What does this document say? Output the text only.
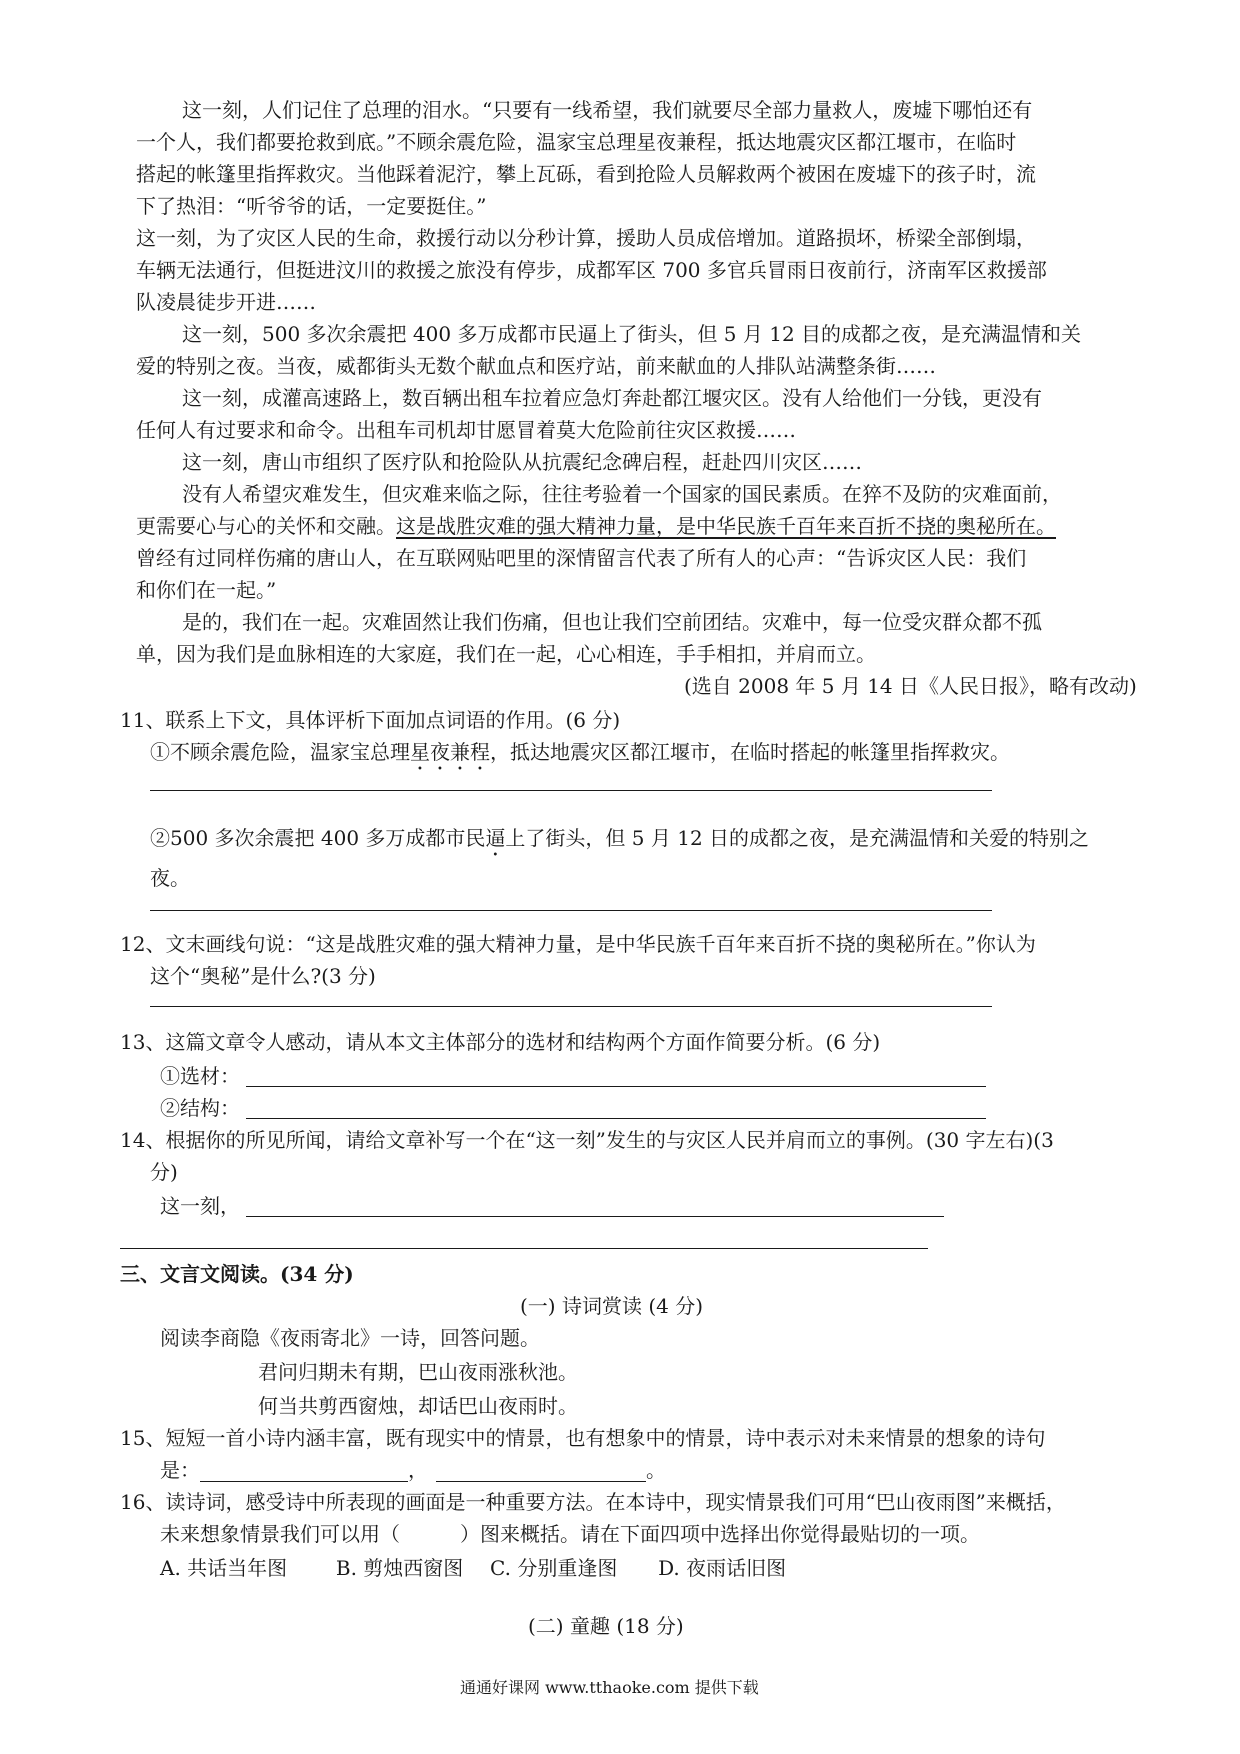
这一刻，人们记住了总理的泪水。“只要有一线希望，我们就要尽全部力量救人，废墟下哪怕还有
一个人，我们都要抢救到底。”不顾余震危险，温家宝总理星夜兼程，抵达地震灾区都江堰市，在临时
搭起的帐篷里指挥救灾。当他踩着泥泞，攀上瓦砾，看到抢险人员解救两个被困在废墟下的孩子时，流
下了热泪：“听爷爷的话，一定要挺住。”
这一刻，为了灾区人民的生命，救援行动以分秒计算，援助人员成倍增加。道路损坏，桥梁全部倒塌，
车辆无法通行，但挺进汶川的救援之旅没有停步，成都军区 700 多官兵冒雨日夜前行，济南军区救援部
队凌晨徒步开进……
这一刻，500 多次余震把 400 多万成都市民逼上了街头，但 5 月 12 目的成都之夜，是充满温情和关
爱的特别之夜。当夜，威都街头无数个献血点和医疗站，前来献血的人排队站满整条街……
这一刻，成灌高速路上，数百辆出租车拉着应急灯奔赴都江堰灾区。没有人给他们一分钱，更没有
任何人有过要求和命令。出租车司机却甘愿冒着莫大危险前往灾区救援……
这一刻，唐山市组织了医疗队和抢险队从抗震纪念碑启程，赶赴四川灾区……
没有人希望灾难发生，但灾难来临之际，往往考验着一个国家的国民素质。在猝不及防的灾难面前，
更需要心与心的关怀和交融。这是战胜灾难的强大精神力量，是中华民族千百年来百折不挠的奥秘所在。
曾经有过同样伤痛的唐山人，在互联网贴吧里的深情留言代表了所有人的心声：“告诉灾区人民：我们
和你们在一起。”
是的，我们在一起。灾难固然让我们伤痛，但也让我们空前团结。灾难中，每一位受灾群众都不孤
单，因为我们是血脉相连的大家庭，我们在一起，心心相连，手手相扣，并肩而立。
(选自 2008 年 5 月 14 日《人民日报》，略有改动)
11、联系上下文，具体评析下面加点词语的作用。(6 分)
①不顾余震危险，温家宝总理星夜兼程，抵达地震灾区都江堰市，在临时搭起的帐篷里指挥救灾。
②500 多次余震把 400 多万成都市民逼上了街头，但 5 月 12 日的成都之夜，是充满温情和关爱的特别之
夜。
12、文末画线句说：“这是战胜灾难的强大精神力量，是中华民族千百年来百折不挠的奥秘所在。”你认为
这个“奥秘”是什么?(3 分)
13、这篇文章令人感动，请从本文主体部分的选材和结构两个方面作简要分析。(6 分)
①选材：
②结构：
14、根据你的所见所闻，请给文章补写一个在“这一刻”发生的与灾区人民并肩而立的事例。(30 字左右)(3
分)
这一刻，
三、文言文阅读。(34 分)
(一) 诗词赏读 (4 分)
阅读李商隐《夜雨寄北》一诗，回答问题。
君问归期未有期，巴山夜雨涨秋池。
何当共剪西窗烛，却话巴山夜雨时。
15、短短一首小诗内涵丰富，既有现实中的情景，也有想象中的情景，诗中表示对未来情景的想象的诗句
是：	，	。
16、读诗词，感受诗中所表现的画面是一种重要方法。在本诗中，现实情景我们可用“巴山夜雨图”来概括，
未来想象情景我们可以用（　　　）图来概括。请在下面四项中选择出你觉得最贴切的一项。
A. 共话当年图 B. 剪烛西窗图 C. 分别重逢图 D. 夜雨话旧图
(二) 童趣 (18 分)
通通好课网 www.tthaoke.com 提供下载
